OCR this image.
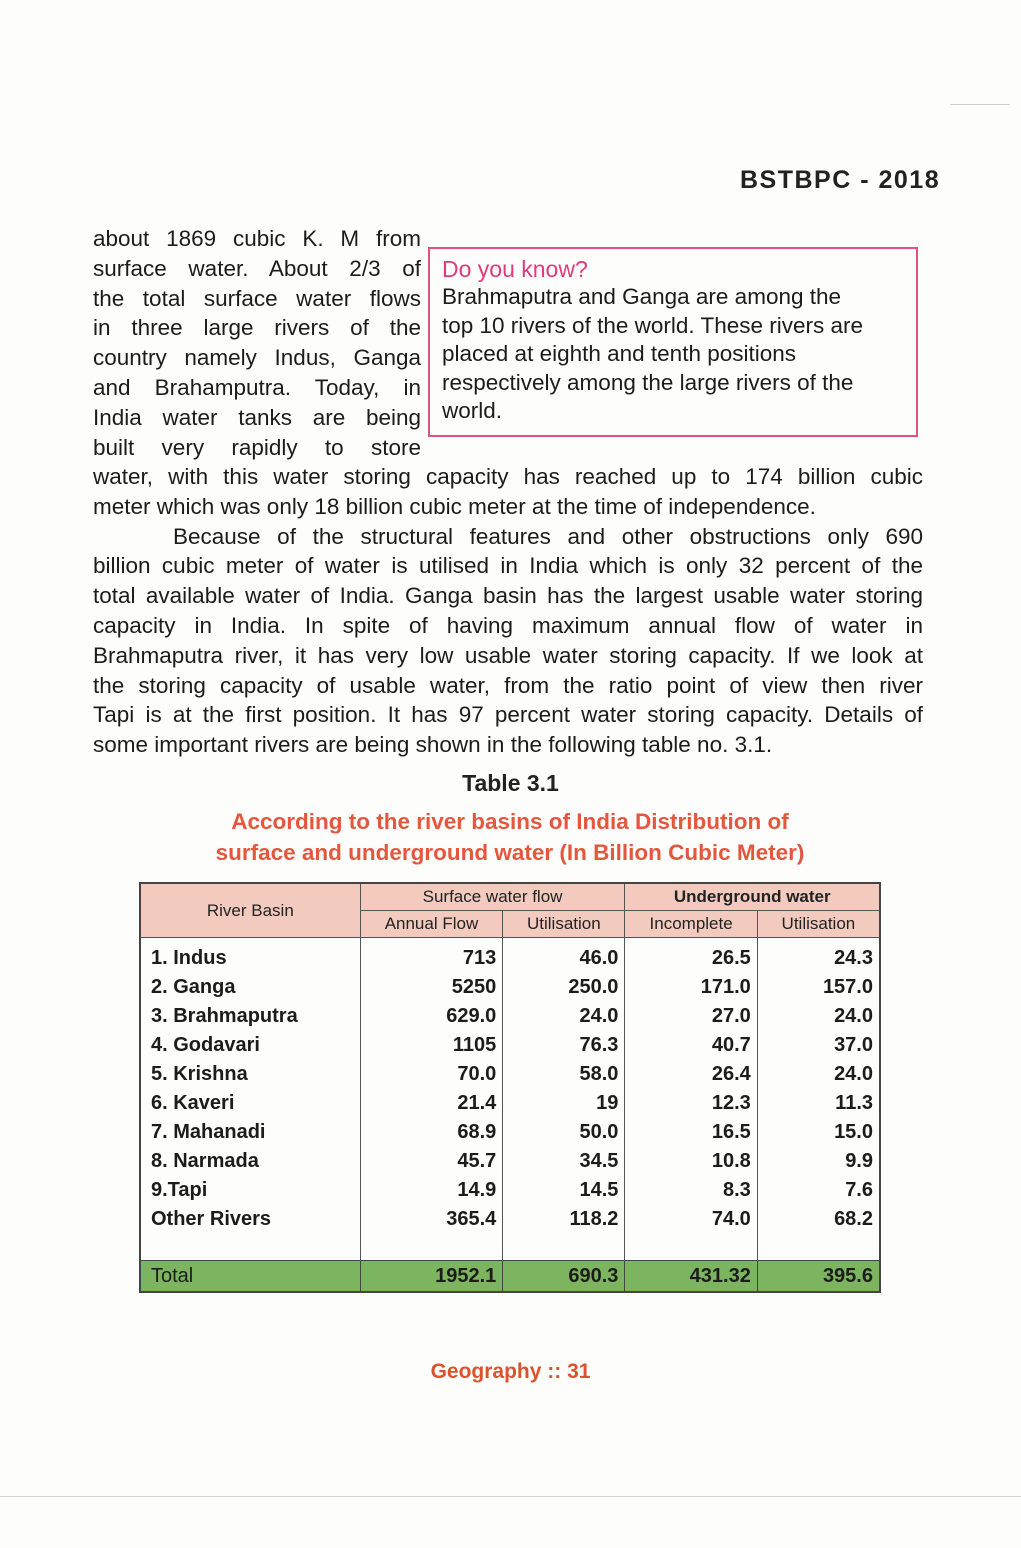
BSTBPC - 2018
about 1869 cubic K. M from
surface water. About 2/3 of
the total surface water flows
in three large rivers of the
country namely Indus, Ganga
and Brahamputra. Today, in
India water tanks are being
built very rapidly to store
Do you know?
Brahmaputra and Ganga are among the
top 10 rivers of the world. These rivers are
placed at eighth and tenth positions
respectively among the large rivers of the
world.
water, with this water storing capacity has reached up to 174 billion cubic
meter which was only 18 billion cubic meter at the time of independence.
Because of the structural features and other obstructions only 690
billion cubic meter of water is utilised in India which is only 32 percent of the
total available water of India. Ganga basin has the largest usable water storing
capacity in India. In spite of having maximum annual flow of water in
Brahmaputra river, it has very low usable water storing capacity. If we look at
the storing capacity of usable water, from the ratio point of view then river
Tapi is at the first position. It has 97 percent water storing capacity. Details of
some important rivers are being shown in the following table no. 3.1.
Table 3.1
According to the river basins of India Distribution of
surface and underground water (In Billion Cubic Meter)
River Basin	Surface water flow		Underground water	
	Annual Flow	Utilisation	Incomplete	Utilisation
1. Indus	713	46.0	26.5	24.3
2. Ganga	5250	250.0	171.0	157.0
3. Brahmaputra	629.0	24.0	27.0	24.0
4. Godavari	1105	76.3	40.7	37.0
5. Krishna	70.0	58.0	26.4	24.0
6. Kaveri	21.4	19	12.3	11.3
7. Mahanadi	68.9	50.0	16.5	15.0
8. Narmada	45.7	34.5	10.8	9.9
9.Tapi	14.9	14.5	8.3	7.6
Other Rivers	365.4	118.2	74.0	68.2

Total	1952.1	690.3	431.32	395.6
Geography :: 31
